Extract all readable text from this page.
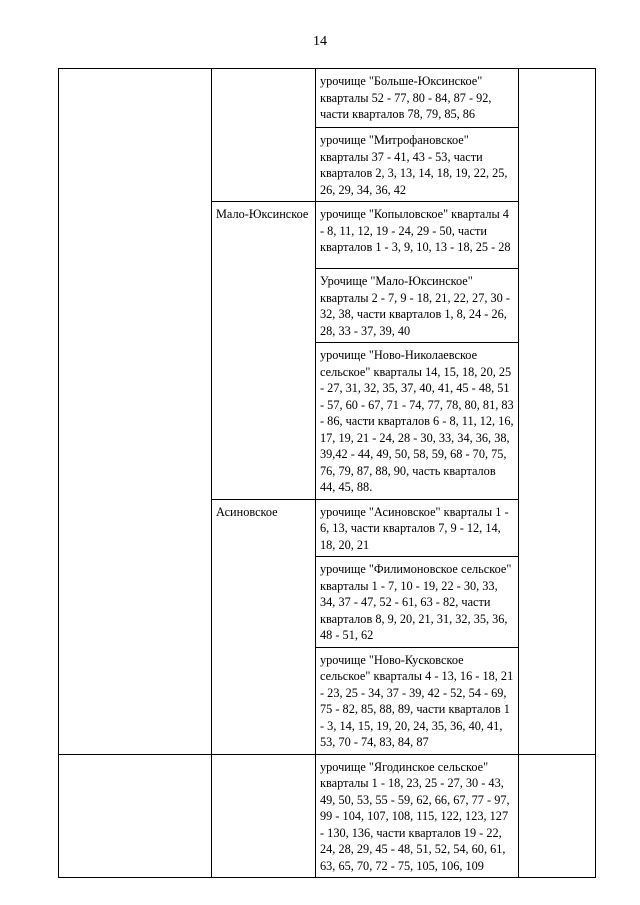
14
		урочище "Больше-Юксинское" кварталы 52 - 77, 80 - 84, 87 - 92, части кварталов 78, 79, 85, 86	
		урочище "Митрофановское" кварталы 37 - 41, 43 - 53, части кварталов 2, 3, 13, 14, 18, 19, 22, 25, 26, 29, 34, 36, 42	
	Мало-Юксинское	урочище "Копыловское" кварталы 4 - 8, 11, 12, 19 - 24, 29 - 50, части кварталов 1 - 3, 9, 10, 13 - 18, 25 - 28	
		Урочище "Мало-Юксинское" кварталы 2 - 7, 9 - 18, 21, 22, 27, 30 - 32, 38, части кварталов 1, 8, 24 - 26, 28, 33 - 37, 39, 40	
		урочище "Ново-Николаевское сельское" кварталы 14, 15, 18, 20, 25 - 27, 31, 32, 35, 37, 40, 41, 45 - 48, 51 - 57, 60 - 67, 71 - 74, 77, 78, 80, 81, 83 - 86, части кварталов 6 - 8, 11, 12, 16, 17, 19, 21 - 24, 28 - 30, 33, 34, 36, 38, 39,42 - 44, 49, 50, 58, 59, 68 - 70, 75, 76, 79, 87, 88, 90, часть кварталов 44, 45, 88.	
	Асиновское	урочище "Асиновское" кварталы 1 - 6, 13, части кварталов 7, 9 - 12, 14, 18, 20, 21	
		урочище "Филимоновское сельское" кварталы 1 - 7, 10 - 19, 22 - 30, 33, 34, 37 - 47, 52 - 61, 63 - 82, части кварталов 8, 9, 20, 21, 31, 32, 35, 36, 48 - 51, 62	
		урочище "Ново-Кусковское сельское" кварталы 4 - 13, 16 - 18, 21 - 23, 25 - 34, 37 - 39, 42 - 52, 54 - 69, 75 - 82, 85, 88, 89, части кварталов 1 - 3, 14, 15, 19, 20, 24, 35, 36, 40, 41, 53, 70 - 74, 83, 84, 87	
		урочище "Ягодинское сельское" кварталы 1 - 18, 23, 25 - 27, 30 - 43, 49, 50, 53, 55 - 59, 62, 66, 67, 77 - 97, 99 - 104, 107, 108, 115, 122, 123, 127 - 130, 136, части кварталов 19 - 22, 24, 28, 29, 45 - 48, 51, 52, 54, 60, 61, 63, 65, 70, 72 - 75, 105, 106, 109	
